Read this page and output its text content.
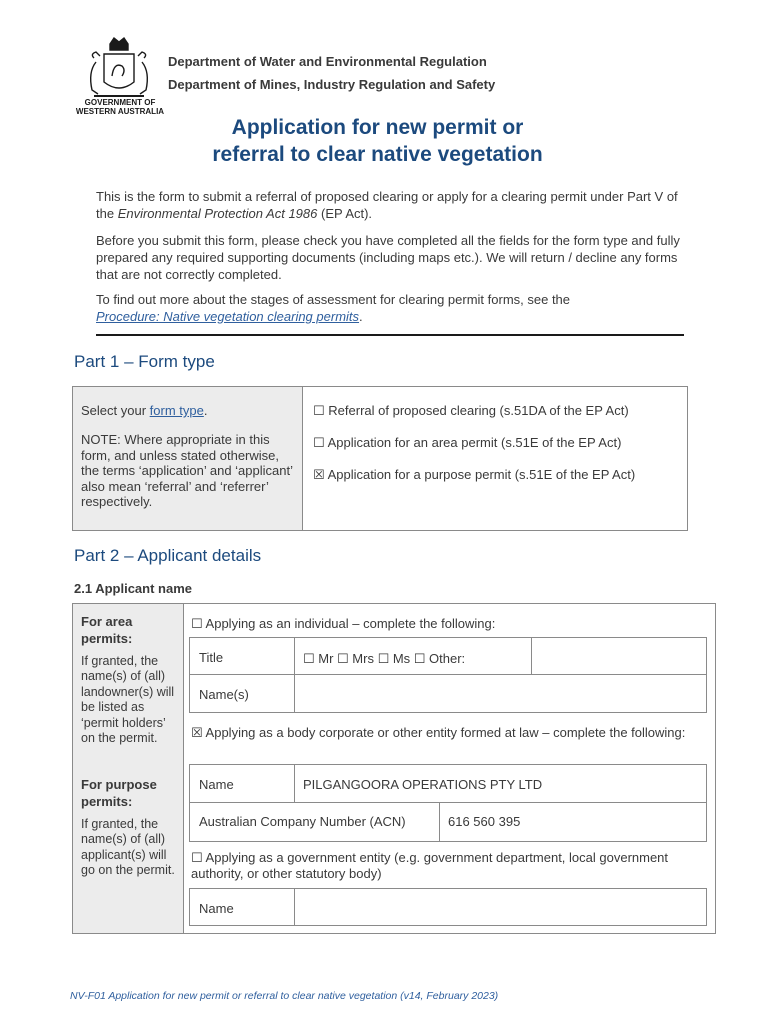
GOVERNMENT OF
WESTERN AUSTRALIA
Department of Water and Environmental Regulation
Department of Mines, Industry Regulation and Safety
Application for new permit or
referral to clear native vegetation
This is the form to submit a referral of proposed clearing or apply for a clearing permit under Part V of the Environmental Protection Act 1986 (EP Act).
Before you submit this form, please check you have completed all the fields for the form type and fully prepared any required supporting documents (including maps etc.). We will return / decline any forms that are not correctly completed.
To find out more about the stages of assessment for clearing permit forms, see the
Procedure: Native vegetation clearing permits.
Part 1 – Form type
Select your form type.
NOTE: Where appropriate in this form, and unless stated otherwise, the terms ‘application’ and ‘applicant’ also mean ‘referral’ and ‘referrer’ respectively.
☐ Referral of proposed clearing (s.51DA of the EP Act)
☐ Application for an area permit (s.51E of the EP Act)
☒ Application for a purpose permit (s.51E of the EP Act)
Part 2 – Applicant details
2.1 Applicant name
For area permits:
If granted, the name(s) of (all) landowner(s) will be listed as ‘permit holders’ on the permit.
For purpose permits:
If granted, the name(s) of (all) applicant(s) will go on the permit.
☐ Applying as an individual – complete the following:
Title	☐ Mr ☐ Mrs ☐ Ms ☐ Other:
Name(s)
☒ Applying as a body corporate or other entity formed at law – complete the following:
Name	PILGANGOORA OPERATIONS PTY LTD
Australian Company Number (ACN)	616 560 395
☐ Applying as a government entity (e.g. government department, local government authority, or other statutory body)
Name
NV-F01 Application for new permit or referral to clear native vegetation (v14, February 2023)
